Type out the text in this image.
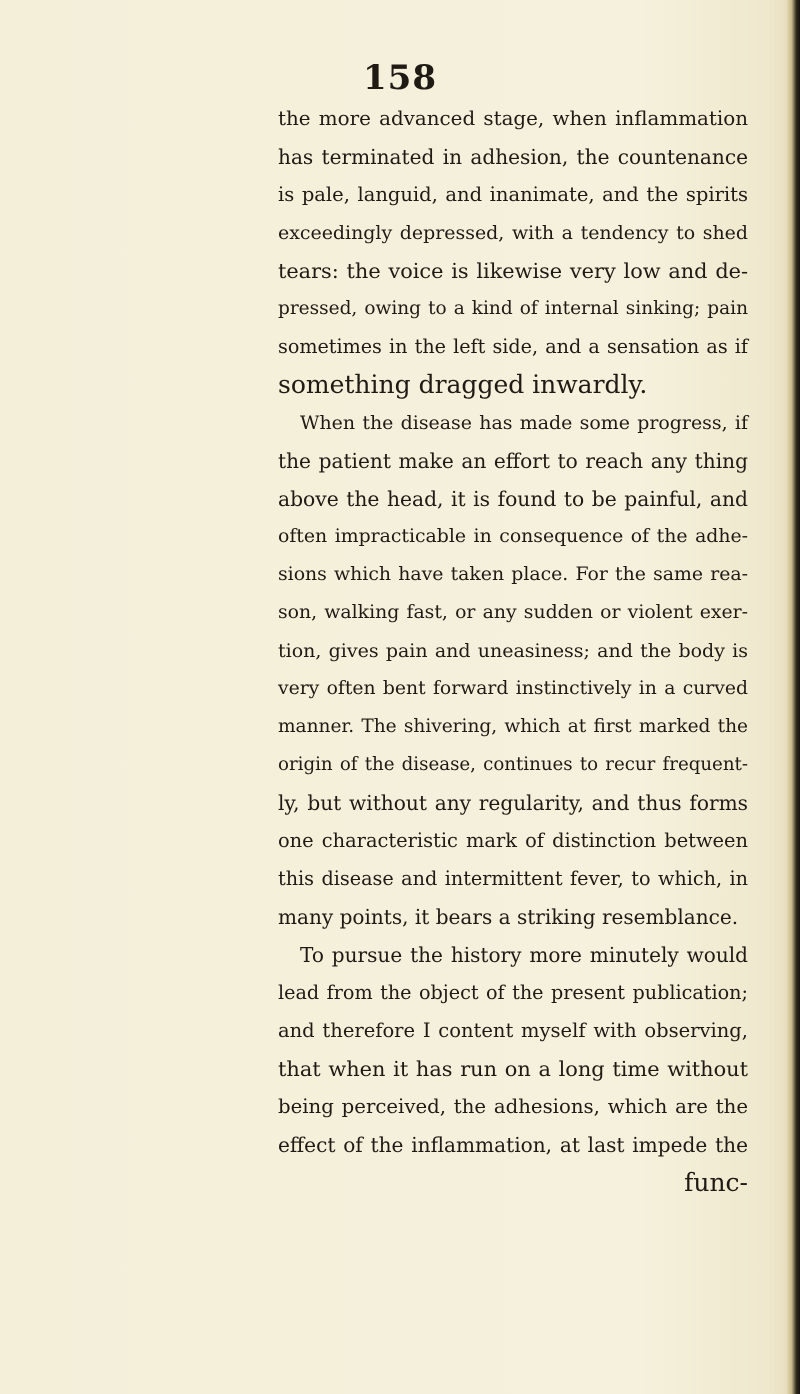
158
the more advanced stage, when inflammation
has terminated in adhesion, the countenance
is pale, languid, and inanimate, and the spirits
exceedingly depressed, with a tendency to shed
tears: the voice is likewise very low and de-
pressed, owing to a kind of internal sinking; pain
sometimes in the left side, and a sensation as if
something dragged inwardly.
When the disease has made some progress, if
the patient make an effort to reach any thing
above the head, it is found to be painful, and
often impracticable in consequence of the adhe-
sions which have taken place. For the same rea-
son, walking fast, or any sudden or violent exer-
tion, gives pain and uneasiness; and the body is
very often bent forward instinctively in a curved
manner. The shivering, which at first marked the
origin of the disease, continues to recur frequent-
ly, but without any regularity, and thus forms
one characteristic mark of distinction between
this disease and intermittent fever, to which, in
many points, it bears a striking resemblance.
To pursue the history more minutely would
lead from the object of the present publication;
and therefore I content myself with observing,
that when it has run on a long time without
being perceived, the adhesions, which are the
effect of the inflammation, at last impede the
func-
